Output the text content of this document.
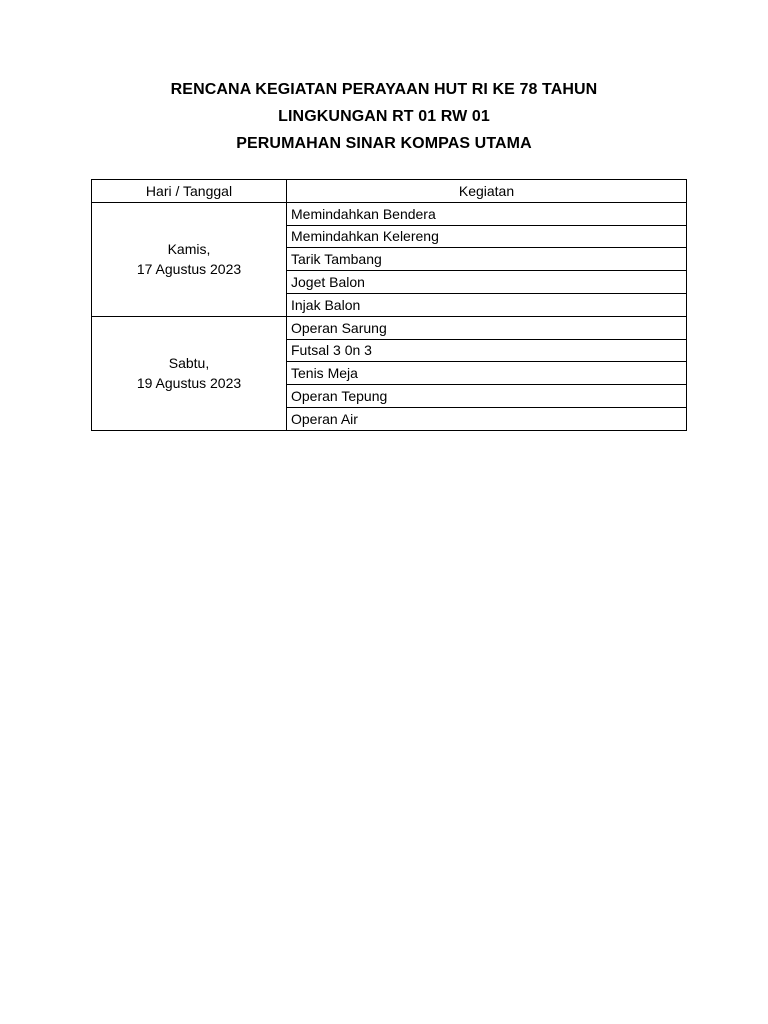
RENCANA KEGIATAN PERAYAAN HUT RI KE 78 TAHUN
LINGKUNGAN RT 01 RW 01
PERUMAHAN SINAR KOMPAS UTAMA
Hari / Tanggal	Kegiatan

Kamis,
17 Agustus 2023	Memindahkan Bendera
	Memindahkan Kelereng
	Tarik Tambang
	Joget Balon
	Injak Balon

Sabtu,
19 Agustus 2023	Operan Sarung
	Futsal 3 0n 3
	Tenis Meja
	Operan Tepung
	Operan Air
